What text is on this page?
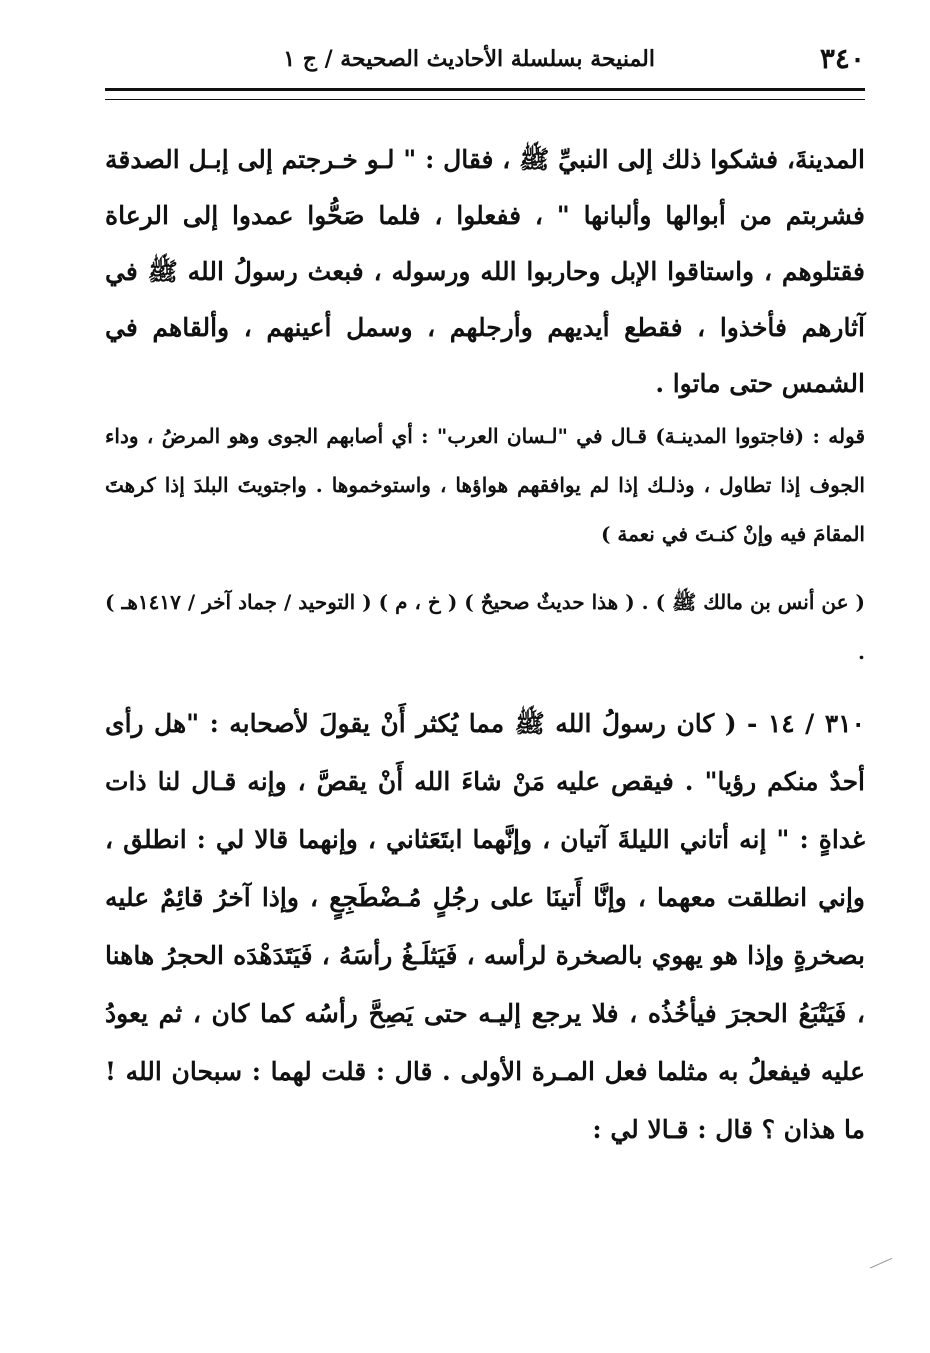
٣٤٠
المنيحة بسلسلة الأحاديث الصحيحة / ج ١

المدينةَ، فشكوا ذلك إلى النبيِّ ﷺ ، فقال : " لـو خـرجتم إلى إبـل الصدقة فشربتم من أبوالها وألبانها " ، ففعلوا ، فلما صَحُّوا عمدوا إلى الرعاة فقتلوهم ، واستاقوا الإبل وحاربوا الله ورسوله ، فبعث رسولُ الله ﷺ في آثارهم فأخذوا ، فقطع أيديهم وأرجلهم ، وسمل أعينهم ، وألقاهم في الشمس حتى ماتوا .

قوله : (فاجتووا المدينـة) قـال في "لـسان العرب" : أي أصابهم الجوى وهو المرضُ ، وداء الجوف إذا تطاول ، وذلـك إذا لم يوافقهم هواؤها ، واستوخموها . واجتويتَ البلدَ إذا كرهتَ المقامَ فيه وإنْ كنـتَ في نعمة )

( عن أنس بن مالك ﷺ ) . ( هذا حديثٌ صحيحٌ ) ( خ ، م ) ( التوحيد / جماد آخر / ١٤١٧هـ ) .

٣١٠ / ١٤ - ( كان رسولُ الله ﷺ مما يُكثر أَنْ يقولَ لأصحابه : "هل رأى أحدٌ منكم رؤيا" . فيقص عليه مَنْ شاءَ الله أَنْ يقصَّ ، وإنه قـال لنا ذات غداةٍ : " إنه أتاني الليلةَ آتيان ، وإنَّهما ابتَعَثاني ، وإنهما قالا لي : انطلق ، وإني انطلقت معهما ، وإنَّا أَتينَا على رجُلٍ مُـضْطَجِعٍ ، وإذا آخرُ قائِمٌ عليه بصخرةٍ وإذا هو يهوي بالصخرة لرأسه ، فَيَثلَـغُ رأسَهُ ، فَيَتَدَهْدَه الحجرُ هاهنا ، فَيَتْبَعُ الحجرَ فيأخُذُه ، فلا يرجع إليـه حتى يَصِحَّ رأسُه كما كان ، ثم يعودُ عليه فيفعلُ به مثلما فعل المـرة الأولى . قال : قلت لهما : سبحان الله ! ما هذان ؟ قال : قـالا لي :
